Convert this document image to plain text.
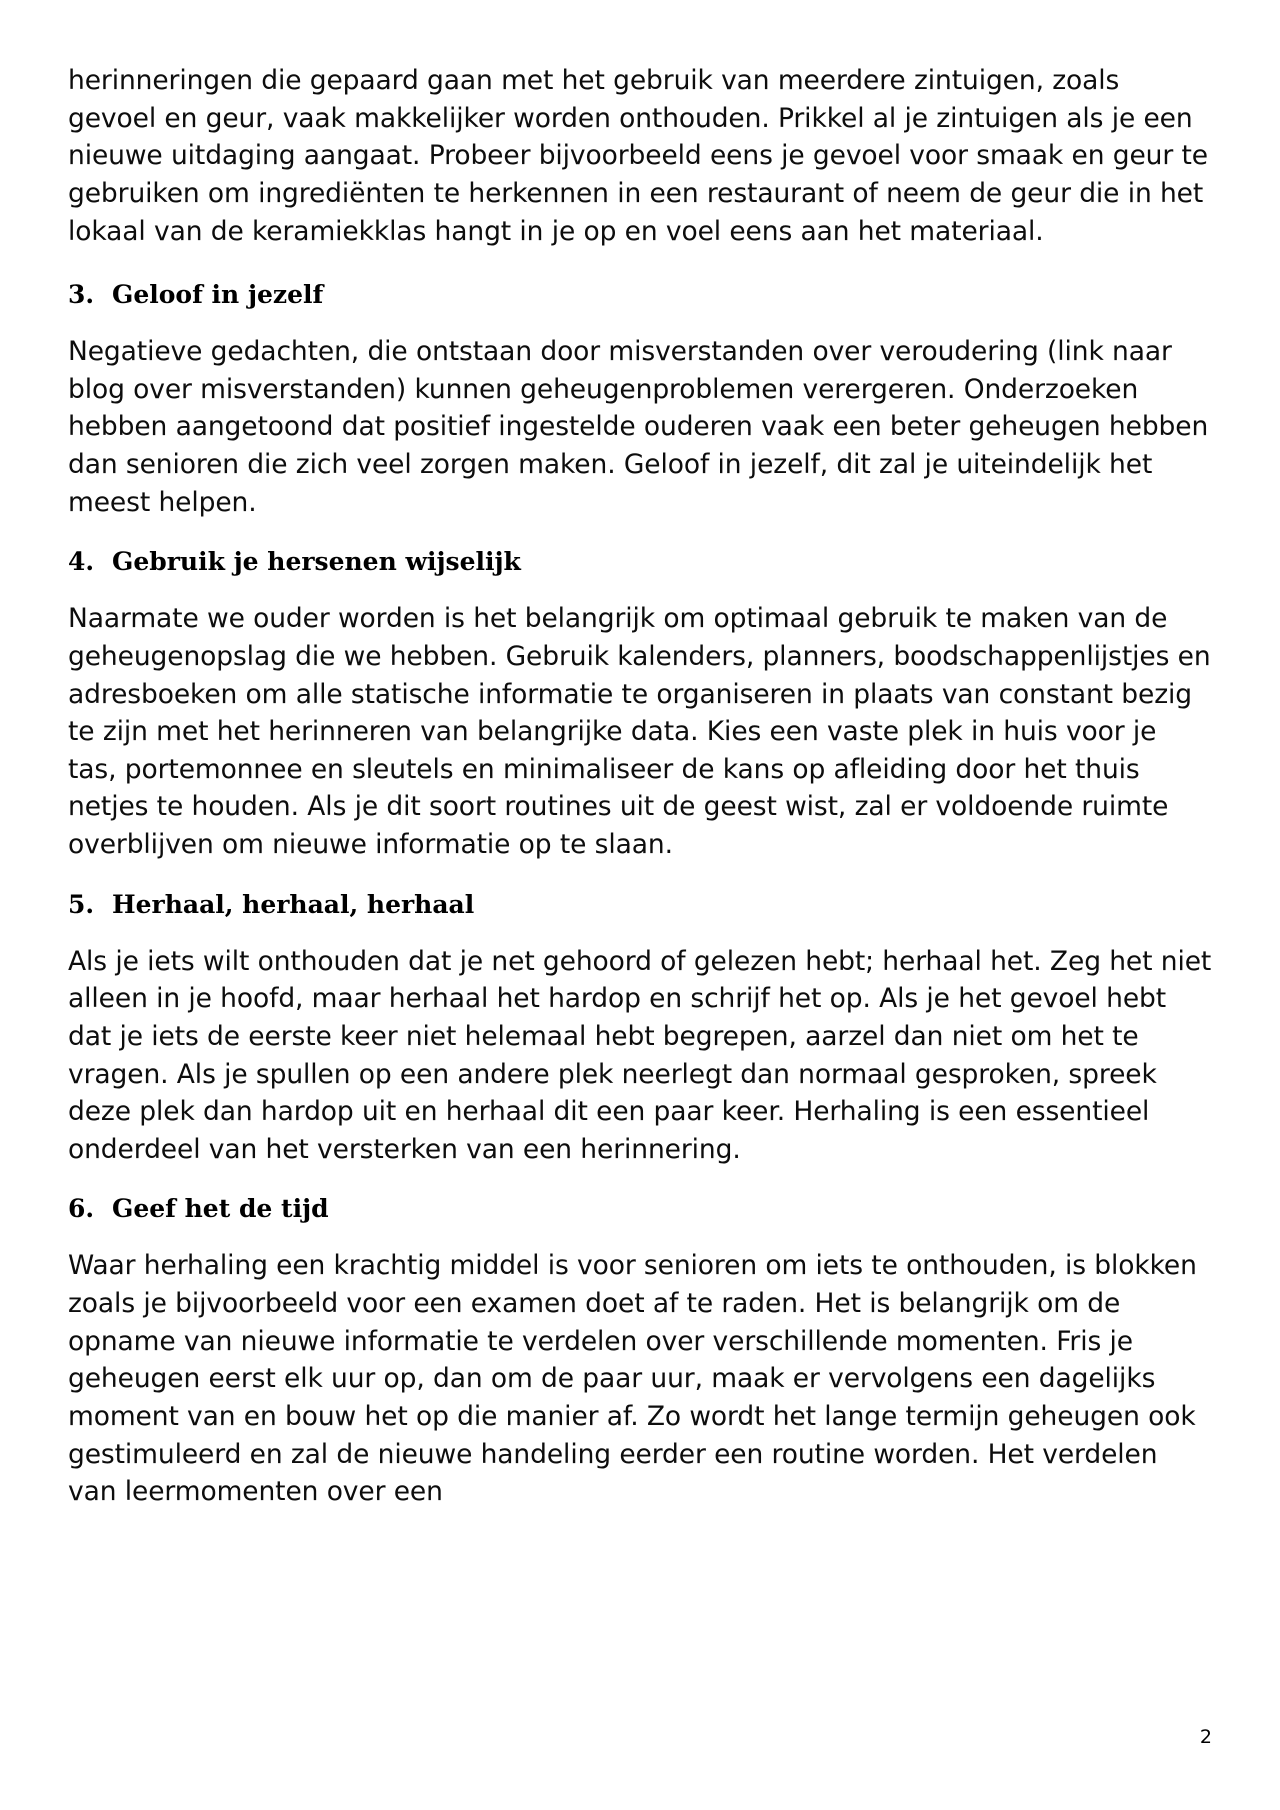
herinneringen die gepaard gaan met het gebruik van meerdere zintuigen, zoals gevoel en geur, vaak makkelijker worden onthouden. Prikkel al je zintuigen als je een nieuwe uitdaging aangaat. Probeer bijvoorbeeld eens je gevoel voor smaak en geur te gebruiken om ingrediënten te herkennen in een restaurant of neem de geur die in het lokaal van de keramiekklas hangt in je op en voel eens aan het materiaal.

3. Geloof in jezelf

Negatieve gedachten, die ontstaan door misverstanden over veroudering (link naar blog over misverstanden) kunnen geheugenproblemen verergeren. Onderzoeken hebben aangetoond dat positief ingestelde ouderen vaak een beter geheugen hebben dan senioren die zich veel zorgen maken. Geloof in jezelf, dit zal je uiteindelijk het meest helpen.

4. Gebruik je hersenen wijselijk

Naarmate we ouder worden is het belangrijk om optimaal gebruik te maken van de geheugenopslag die we hebben. Gebruik kalenders, planners, boodschappenlijstjes en adresboeken om alle statische informatie te organiseren in plaats van constant bezig te zijn met het herinneren van belangrijke data. Kies een vaste plek in huis voor je tas, portemonnee en sleutels en minimaliseer de kans op afleiding door het thuis netjes te houden. Als je dit soort routines uit de geest wist, zal er voldoende ruimte overblijven om nieuwe informatie op te slaan.

5. Herhaal, herhaal, herhaal

Als je iets wilt onthouden dat je net gehoord of gelezen hebt; herhaal het. Zeg het niet alleen in je hoofd, maar herhaal het hardop en schrijf het op. Als je het gevoel hebt dat je iets de eerste keer niet helemaal hebt begrepen, aarzel dan niet om het te vragen. Als je spullen op een andere plek neerlegt dan normaal gesproken, spreek deze plek dan hardop uit en herhaal dit een paar keer. Herhaling is een essentieel onderdeel van het versterken van een herinnering.

6. Geef het de tijd

Waar herhaling een krachtig middel is voor senioren om iets te onthouden, is blokken zoals je bijvoorbeeld voor een examen doet af te raden. Het is belangrijk om de opname van nieuwe informatie te verdelen over verschillende momenten. Fris je geheugen eerst elk uur op, dan om de paar uur, maak er vervolgens een dagelijks moment van en bouw het op die manier af. Zo wordt het lange termijn geheugen ook gestimuleerd en zal de nieuwe handeling eerder een routine worden. Het verdelen van leermomenten over een

2
